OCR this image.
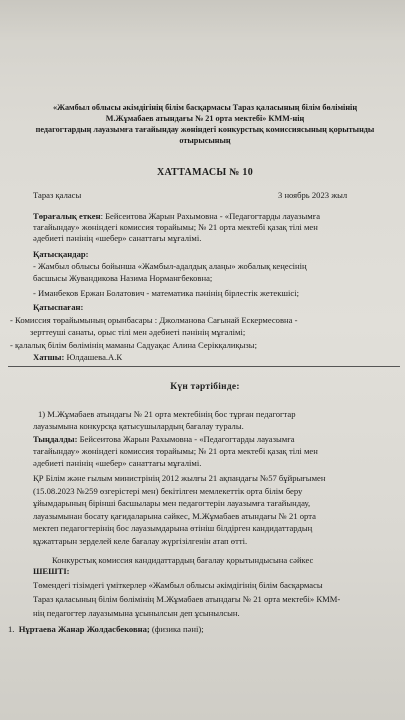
«Жамбыл облысы әкімдігінің білім басқармасы Тараз қаласының білім бөлімінің
М.Жұмабаев атындағы № 21 орта мектебі» КММ-нің
педагогтардың лауазымға тағайындау жөніндегі конкурстық комиссиясының қорытынды
отырысының
ХАТТАМАСЫ № 10
Тараз қаласы	3 ноябрь 2023 жыл
Төрағалық еткен: Бейсеитова Жарын Рахымовна - «Педагогтарды лауазымға
тағайындау» жөніндегі комиссия төрайымы; № 21 орта мектебі қазақ тілі мен
әдебиеті пәнінің «шебер» санаттағы мұғалімі.
Қатысқандар:
- Жамбыл облысы бойынша «Жамбыл-адалдық алаңы» жобалық кеңесінің
басшысы Жувандикова Назима Нормангбековна;
- Иманбеков Ержан Болатович - математика пәнінің бірлестік жетекшісі;
Қатыспаған:
- Комиссия төрайымының орынбасары : Джолманова Сағынай Ескермесовна -
зерттеуші санаты, орыс тілі мен әдебиеті пәнінің мұғалімі;
- қалалық білім бөлімінің маманы Садуақас Алина Серікқалиқызы;
Хатшы: Юлдашева.А.К
Күн тәртібінде:
1) М.Жұмабаев атындағы № 21 орта мектебінің бос тұрған педагогтар
лауазымына конкурсқа қатысушылардың бағалау туралы.
Тыңдалды: Бейсеитова Жарын Рахымовна - «Педагогтарды лауазымға
тағайындау» жөніндегі комиссия төрайымы; № 21 орта мектебі қазақ тілі мен
әдебиеті пәнінің «шебер» санаттағы мұғалімі.
ҚР Білім және ғылым министрінің 2012 жылғы 21 ақпандағы №57 бұйрығымен
(15.08.2023 №259 өзгерістері мен) бекітілген мемлекеттік орта білім беру
ұйымдарының бірінші басшылары мен педагогтерін лауазымға тағайындау,
лауазымынан босату қағидаларына сәйкес, М.Жұмабаев атындағы № 21 орта
мектеп педагогтерінің бос лауазымдарына өтініш білдірген кандидаттардың
құжаттарын зерделей келе бағалау жүргізілгенін атап өтті.
Конкурстық комиссия кандидаттардың бағалау қорытындысына сәйкес
ШЕШТІ:
Төмендегі тізімдегі үміткерлер «Жамбыл облысы әкімдігінің білім басқармасы
Тараз қаласының білім бөлімінің М.Жұмабаев атындағы № 21 орта мектебі» КММ-
нің педагогтер лауазымына ұсынылсын деп ұсынылсын.
1. Нұртаева Жанар Жолдасбековна; (физика пәні);
